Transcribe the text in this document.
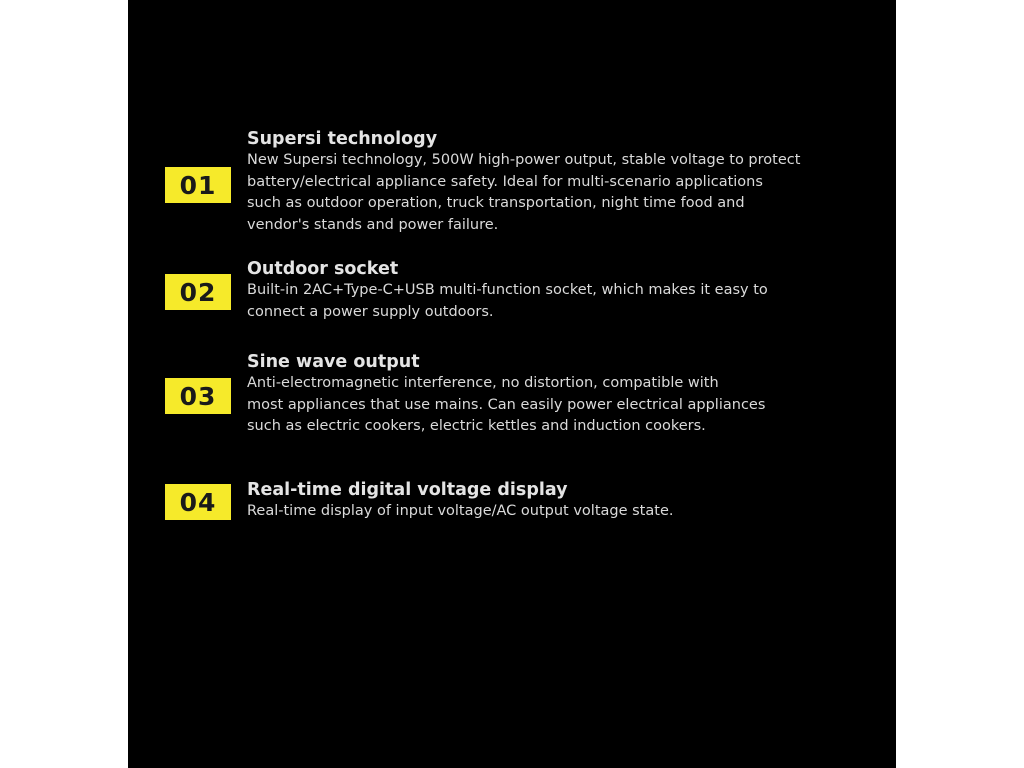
01
Supersi technology
New Supersi technology, 500W high-power output, stable voltage to protect
battery/electrical appliance safety. Ideal for multi-scenario applications
such as outdoor operation, truck transportation, night time food and
vendor's stands and power failure.
02
Outdoor socket
Built-in 2AC+Type-C+USB multi-function socket, which makes it easy to
connect a power supply outdoors.
03
Sine wave output
Anti-electromagnetic interference, no distortion, compatible with
most appliances that use mains. Can easily power electrical appliances
such as electric cookers, electric kettles and induction cookers.
04	Real-time digital voltage display
Real-time display of input voltage/AC output voltage state.
